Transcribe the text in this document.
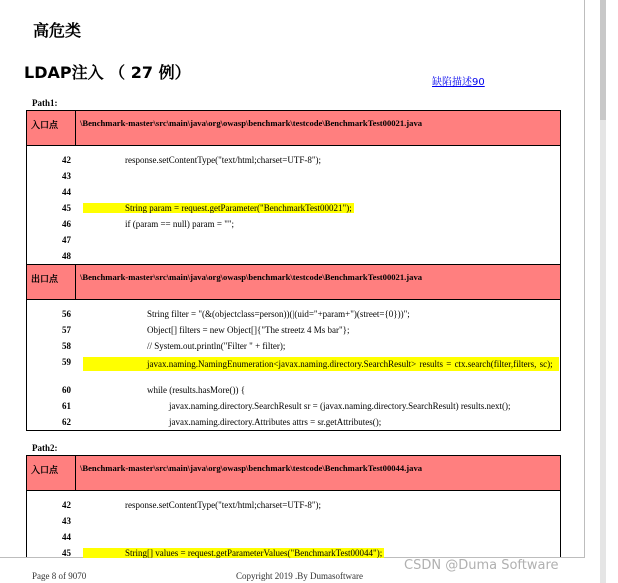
高危类
LDAP注入 （ 27 例）
缺陷描述90
Path1:
入口点	\Benchmark-master\src\main\java\org\owasp\benchmark\testcode\BenchmarkTest00021.java
42	response.setContentType("text/html;charset=UTF-8");
43
44
45	String param = request.getParameter("BenchmarkTest00021");
46	if (param == null) param = "";
47
48
出口点	\Benchmark-master\src\main\java\org\owasp\benchmark\testcode\BenchmarkTest00021.java
56	String filter = "(&(objectclass=person))(|(uid="+param+")(street={0}))";
57	Object[] filters = new Object[]{"The streetz 4 Ms bar"};
58	// System.out.println("Filter " + filter);
59	javax.naming.NamingEnumeration<javax.naming.directory.SearchResult> results = ctx.search(filter,filters, sc);
60	while (results.hasMore()) {
61	javax.naming.directory.SearchResult sr = (javax.naming.directory.SearchResult) results.next();
62	javax.naming.directory.Attributes attrs = sr.getAttributes();
Path2:
入口点	\Benchmark-master\src\main\java\org\owasp\benchmark\testcode\BenchmarkTest00044.java
42	response.setContentType("text/html;charset=UTF-8");
43
44
45	String[] values = request.getParameterValues("BenchmarkTest00044");
Page 8 of 9070	Copyright 2019 .By Dumasoftware
CSDN @Duma Software
